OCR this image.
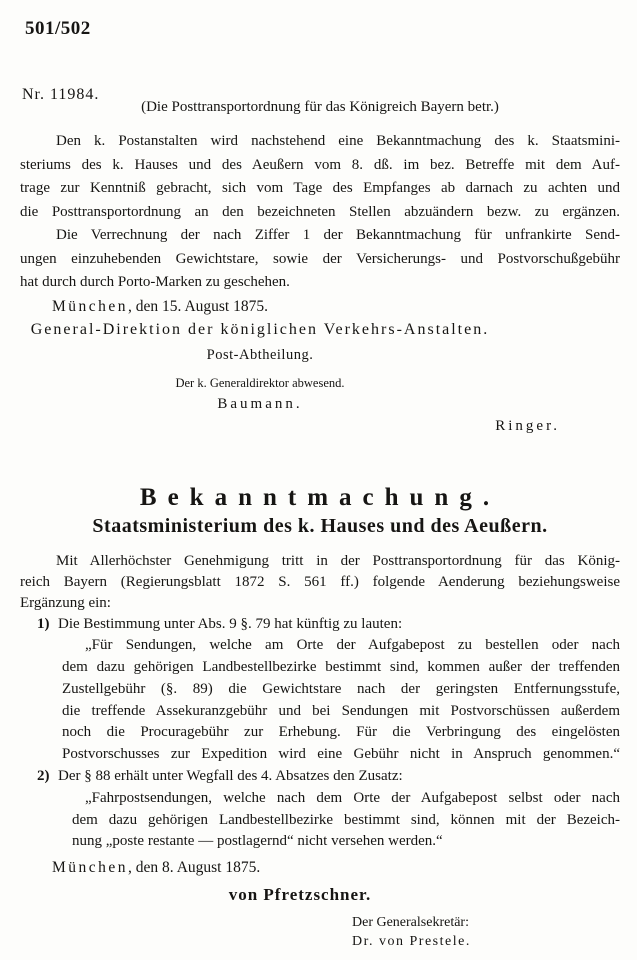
501/502
Nr. 11984.
(Die Posttransportordnung für das Königreich Bayern betr.)
Den k. Postanstalten wird nachstehend eine Bekanntmachung des k. Staatsmini-
steriums des k. Hauses und des Aeußern vom 8. dß. im bez. Betreffe mit dem Auf-
trage zur Kenntniß gebracht, sich vom Tage des Empfanges ab darnach zu achten und
die Posttransportordnung an den bezeichneten Stellen abzuändern bezw. zu ergänzen.
Die Verrechnung der nach Ziffer 1 der Bekanntmachung für unfrankirte Send-
ungen einzuhebenden Gewichtstare, sowie der Versicherungs- und Postvorschußgebühr
hat durch durch Porto-Marken zu geschehen.
München, den 15. August 1875.
General-Direktion der königlichen Verkehrs-Anstalten.
Post-Abtheilung.
Der k. Generaldirektor abwesend.
Baumann.
Ringer.
Bekanntmachung.
Staatsministerium des k. Hauses und des Aeußern.
Mit Allerhöchster Genehmigung tritt in der Posttransportordnung für das König-
reich Bayern (Regierungsblatt 1872 S. 561 ff.) folgende Aenderung beziehungsweise
Ergänzung ein:
1) Die Bestimmung unter Abs. 9 §. 79 hat künftig zu lauten:
„Für Sendungen, welche am Orte der Aufgabepost zu bestellen oder nach
dem dazu gehörigen Landbestellbezirke bestimmt sind, kommen außer der treffenden
Zustellgebühr (§. 89) die Gewichtstare nach der geringsten Entfernungsstufe,
die treffende Assekuranzgebühr und bei Sendungen mit Postvorschüssen außerdem
noch die Procuragebühr zur Erhebung. Für die Verbringung des eingelösten
Postvorschusses zur Expedition wird eine Gebühr nicht in Anspruch genommen.“
2) Der § 88 erhält unter Wegfall des 4. Absatzes den Zusatz:
„Fahrpostsendungen, welche nach dem Orte der Aufgabepost selbst oder nach
dem dazu gehörigen Landbestellbezirke bestimmt sind, können mit der Bezeich-
nung „poste restante — postlagernd“ nicht versehen werden.“
München, den 8. August 1875.
von Pfretzschner.
Der Generalsekretär:
Dr. von Prestele.
